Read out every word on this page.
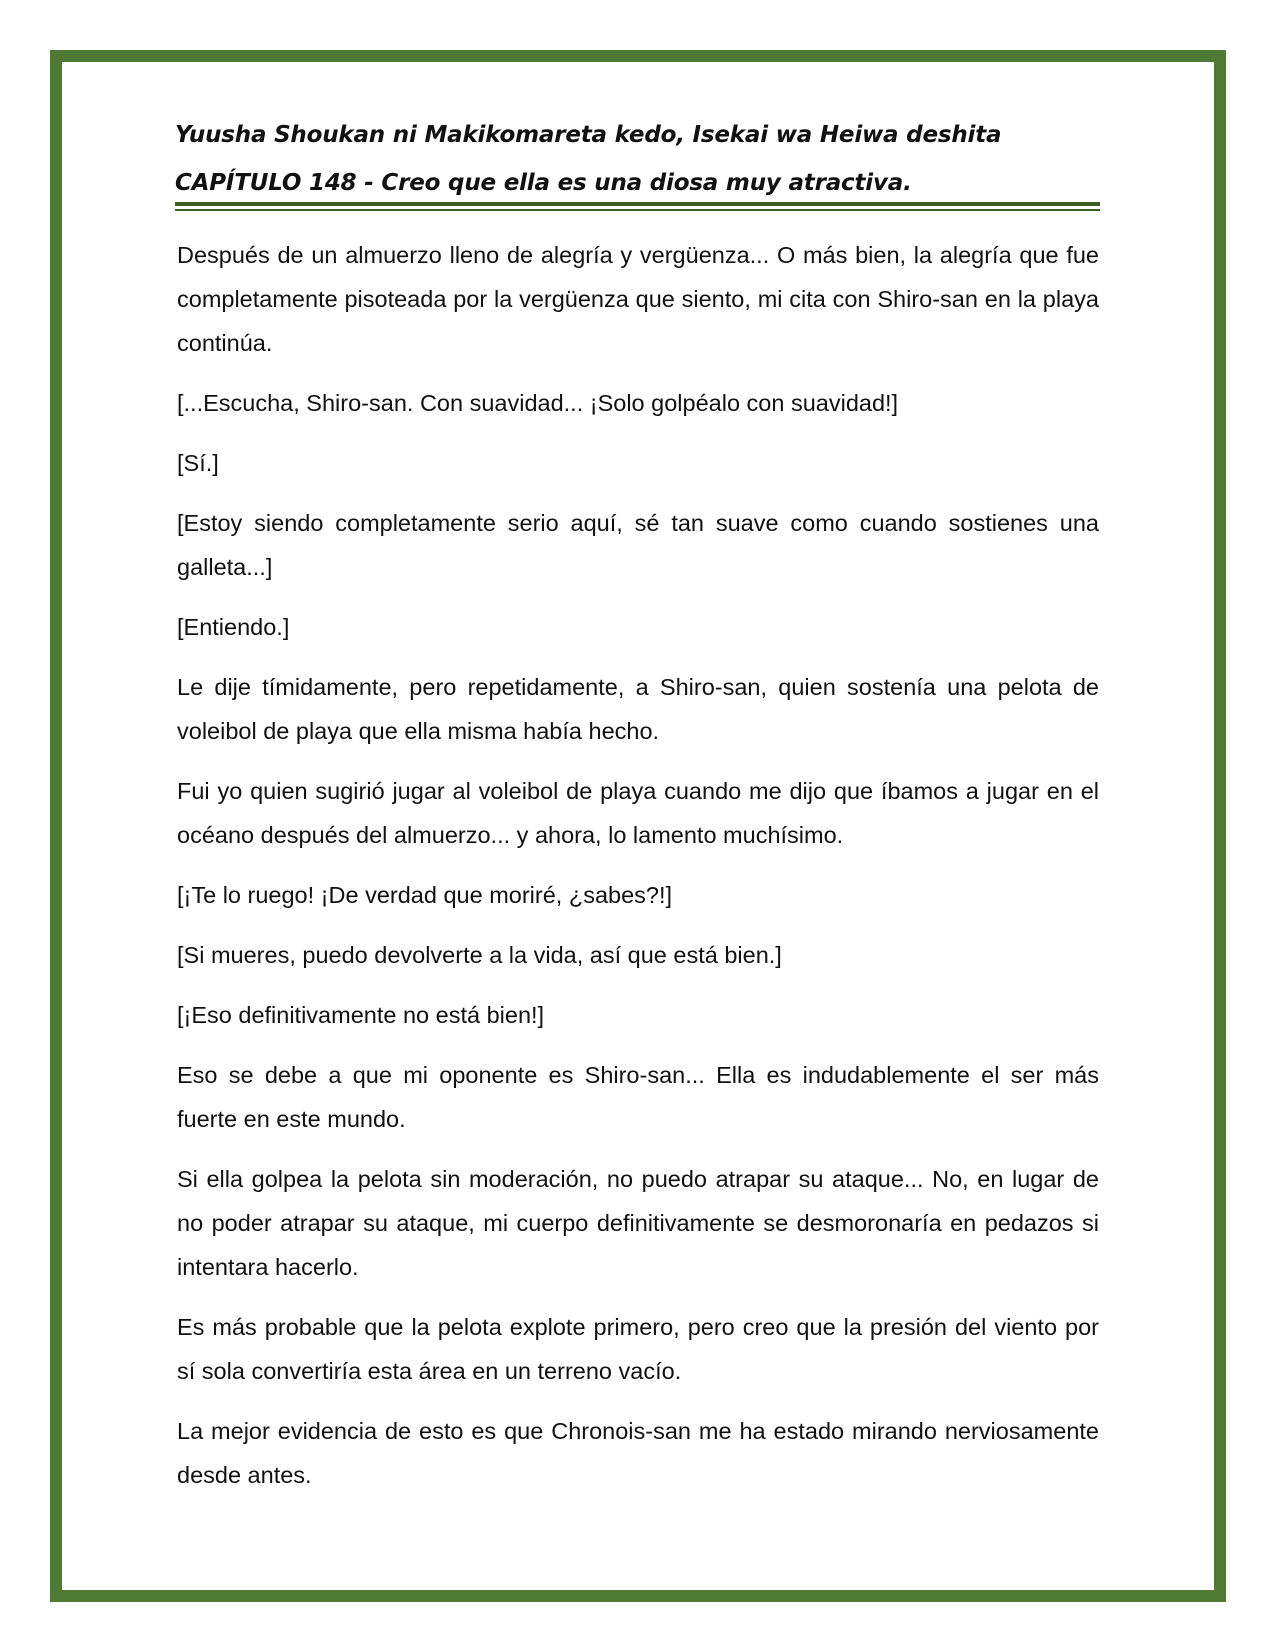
Yuusha Shoukan ni Makikomareta kedo, Isekai wa Heiwa deshita
CAPÍTULO 148 - Creo que ella es una diosa muy atractiva.

Después de un almuerzo lleno de alegría y vergüenza... O más bien, la alegría que fue completamente pisoteada por la vergüenza que siento, mi cita con Shiro-san en la playa continúa.

[...Escucha, Shiro-san. Con suavidad... ¡Solo golpéalo con suavidad!]

[Sí.]

[Estoy siendo completamente serio aquí, sé tan suave como cuando sostienes una galleta...]

[Entiendo.]

Le dije tímidamente, pero repetidamente, a Shiro-san, quien sostenía una pelota de voleibol de playa que ella misma había hecho.

Fui yo quien sugirió jugar al voleibol de playa cuando me dijo que íbamos a jugar en el océano después del almuerzo... y ahora, lo lamento muchísimo.

[¡Te lo ruego! ¡De verdad que moriré, ¿sabes?!]

[Si mueres, puedo devolverte a la vida, así que está bien.]

[¡Eso definitivamente no está bien!]

Eso se debe a que mi oponente es Shiro-san... Ella es indudablemente el ser más fuerte en este mundo.

Si ella golpea la pelota sin moderación, no puedo atrapar su ataque... No, en lugar de no poder atrapar su ataque, mi cuerpo definitivamente se desmoronaría en pedazos si intentara hacerlo.

Es más probable que la pelota explote primero, pero creo que la presión del viento por sí sola convertiría esta área en un terreno vacío.

La mejor evidencia de esto es que Chronois-san me ha estado mirando nerviosamente desde antes.
